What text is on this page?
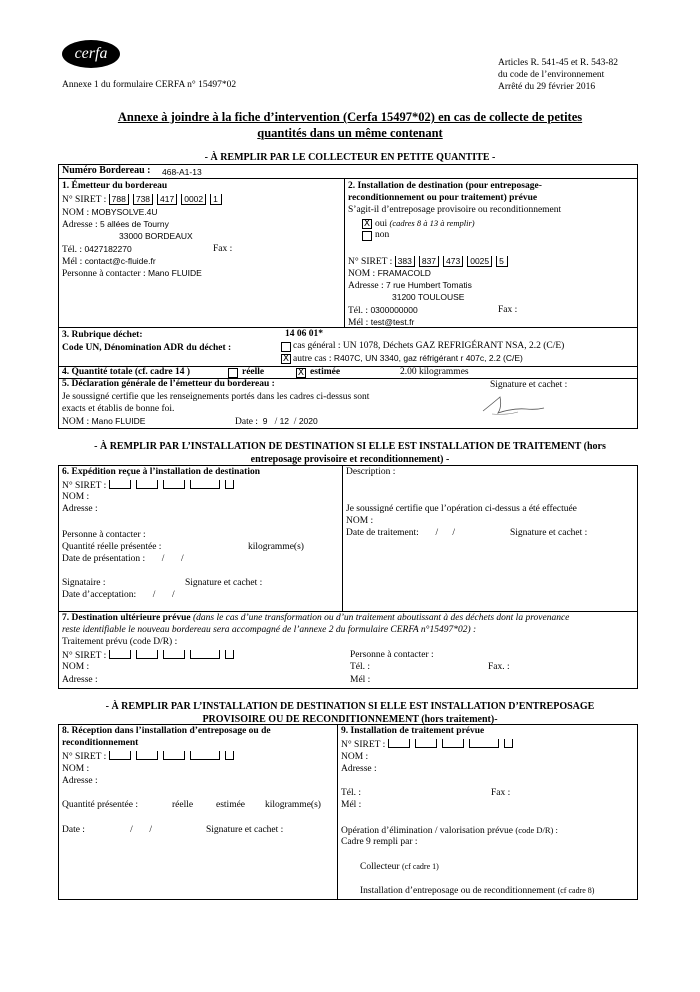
cerfa
Annexe 1 du formulaire CERFA n° 15497*02
Articles R. 541-45 et R. 543-82
du code de l’environnement
Arrêté du 29 février 2016
Annexe à joindre à la fiche d’intervention (Cerfa 15497*02) en cas de collecte de petites
quantités dans un même contenant
- À REMPLIR PAR LE COLLECTEUR EN PETITE QUANTITE -
Numéro Bordereau : 468-A1-13
1. Émetteur du bordereau
N° SIRET : 788 738 417 0002 1
NOM : MOBYSOLVE.4U
Adresse : 5 allées de Tourny
33000 BORDEAUX
Tél. : 0427182270	Fax :
Mél : contact@c-fluide.fr
Personne à contacter : Mano FLUIDE
2. Installation de destination (pour entreposage-
reconditionnement ou pour traitement) prévue
S’agit-il d’entreposage provisoire ou reconditionnement
X oui (cadres 8 à 13 à remplir)
non
N° SIRET : 383 837 473 0025 5
NOM : FRAMACOLD
Adresse : 7 rue Humbert Tomatis
31200 TOULOUSE
Tél. : 0300000000	Fax :
Mél : test@test.fr
3. Rubrique déchet:	14 06 01*
Code UN, Dénomination ADR du déchet :	cas général : UN 1078, Déchets GAZ REFRIGÉRANT NSA, 2.2 (C/E)
X autre cas : R407C, UN 3340, gaz réfrigérant r 407c, 2.2 (C/E)
4. Quantité totale (cf. cadre 14 )	réelle	X estimée	2.00 kilogrammes
5. Déclaration générale de l’émetteur du bordereau :
Je soussigné certifie que les renseignements portés dans les cadres ci-dessus sont
exacts et établis de bonne foi.
Signature et cachet :
NOM : Mano FLUIDE	Date : 9 / 12 / 2020
- À REMPLIR PAR L’INSTALLATION DE DESTINATION SI ELLE EST INSTALLATION DE TRAITEMENT (hors
entreposage provisoire et reconditionnement) -
6. Expédition reçue à l’installation de destination
N° SIRET :
NOM :
Adresse :
Personne à contacter :
Quantité réelle présentée :	kilogramme(s)
Date de présentation : / /
Signataire :	Signature et cachet :
Date d’acceptation: / /
Description :
Je soussigné certifie que l’opération ci-dessus a été effectuée
NOM :
Date de traitement: / /	Signature et cachet :
7. Destination ultérieure prévue (dans le cas d’une transformation ou d’un traitement aboutissant à des déchets dont la provenance
reste identifiable le nouveau bordereau sera accompagné de l’annexe 2 du formulaire CERFA n°15497*02) :
Traitement prévu (code D/R) :
N° SIRET :
NOM :
Adresse :
Personne à contacter :
Tél. :	Fax. :
Mél :
- À REMPLIR PAR L’INSTALLATION DE DESTINATION SI ELLE EST INSTALLATION D’ENTREPOSAGE
PROVISOIRE OU DE RECONDITIONNEMENT (hors traitement)-
8. Réception dans l’installation d’entreposage ou de
reconditionnement
N° SIRET :
NOM :
Adresse :
Quantité présentée :	réelle estimée kilogramme(s)
Date :	/ /	Signature et cachet :
9. Installation de traitement prévue
N° SIRET :
NOM :
Adresse :
Tél. :	Fax :
Mél :
Opération d’élimination / valorisation prévue (code D/R) :
Cadre 9 rempli par :
Collecteur (cf cadre 1)
Installation d’entreposage ou de reconditionnement (cf cadre 8)
